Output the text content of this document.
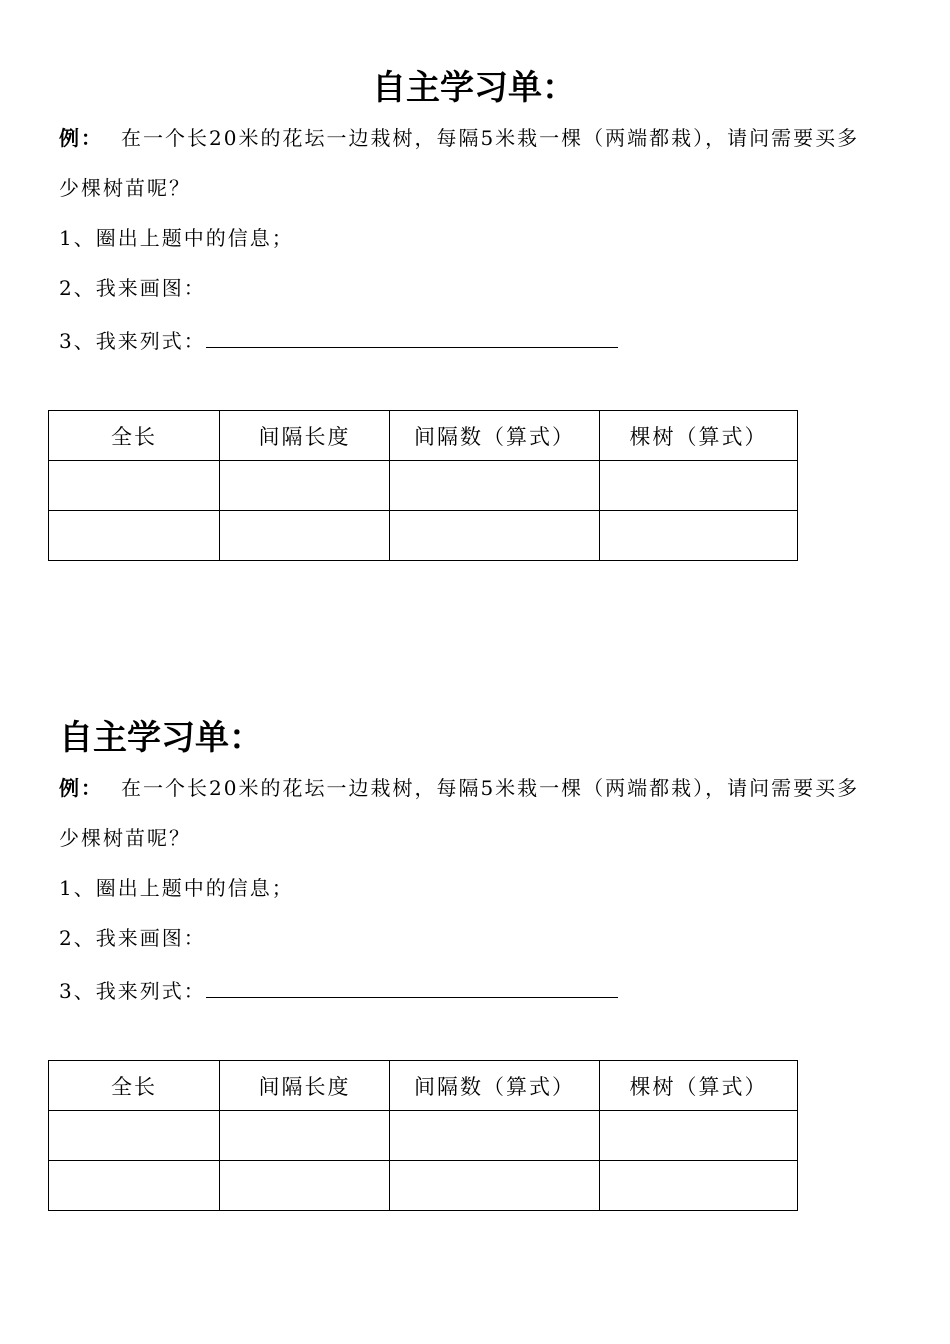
自主学习单：
例： 在一个长20米的花坛一边栽树，每隔5米栽一棵（两端都栽），请问需要买多
少棵树苗呢？
1、圈出上题中的信息；
2、我来画图：
3、我来列式：
全长	间隔长度	间隔数（算式）	棵树（算式）

自主学习单：
例： 在一个长20米的花坛一边栽树，每隔5米栽一棵（两端都栽），请问需要买多
少棵树苗呢？
1、圈出上题中的信息；
2、我来画图：
3、我来列式：
全长	间隔长度	间隔数（算式）	棵树（算式）
